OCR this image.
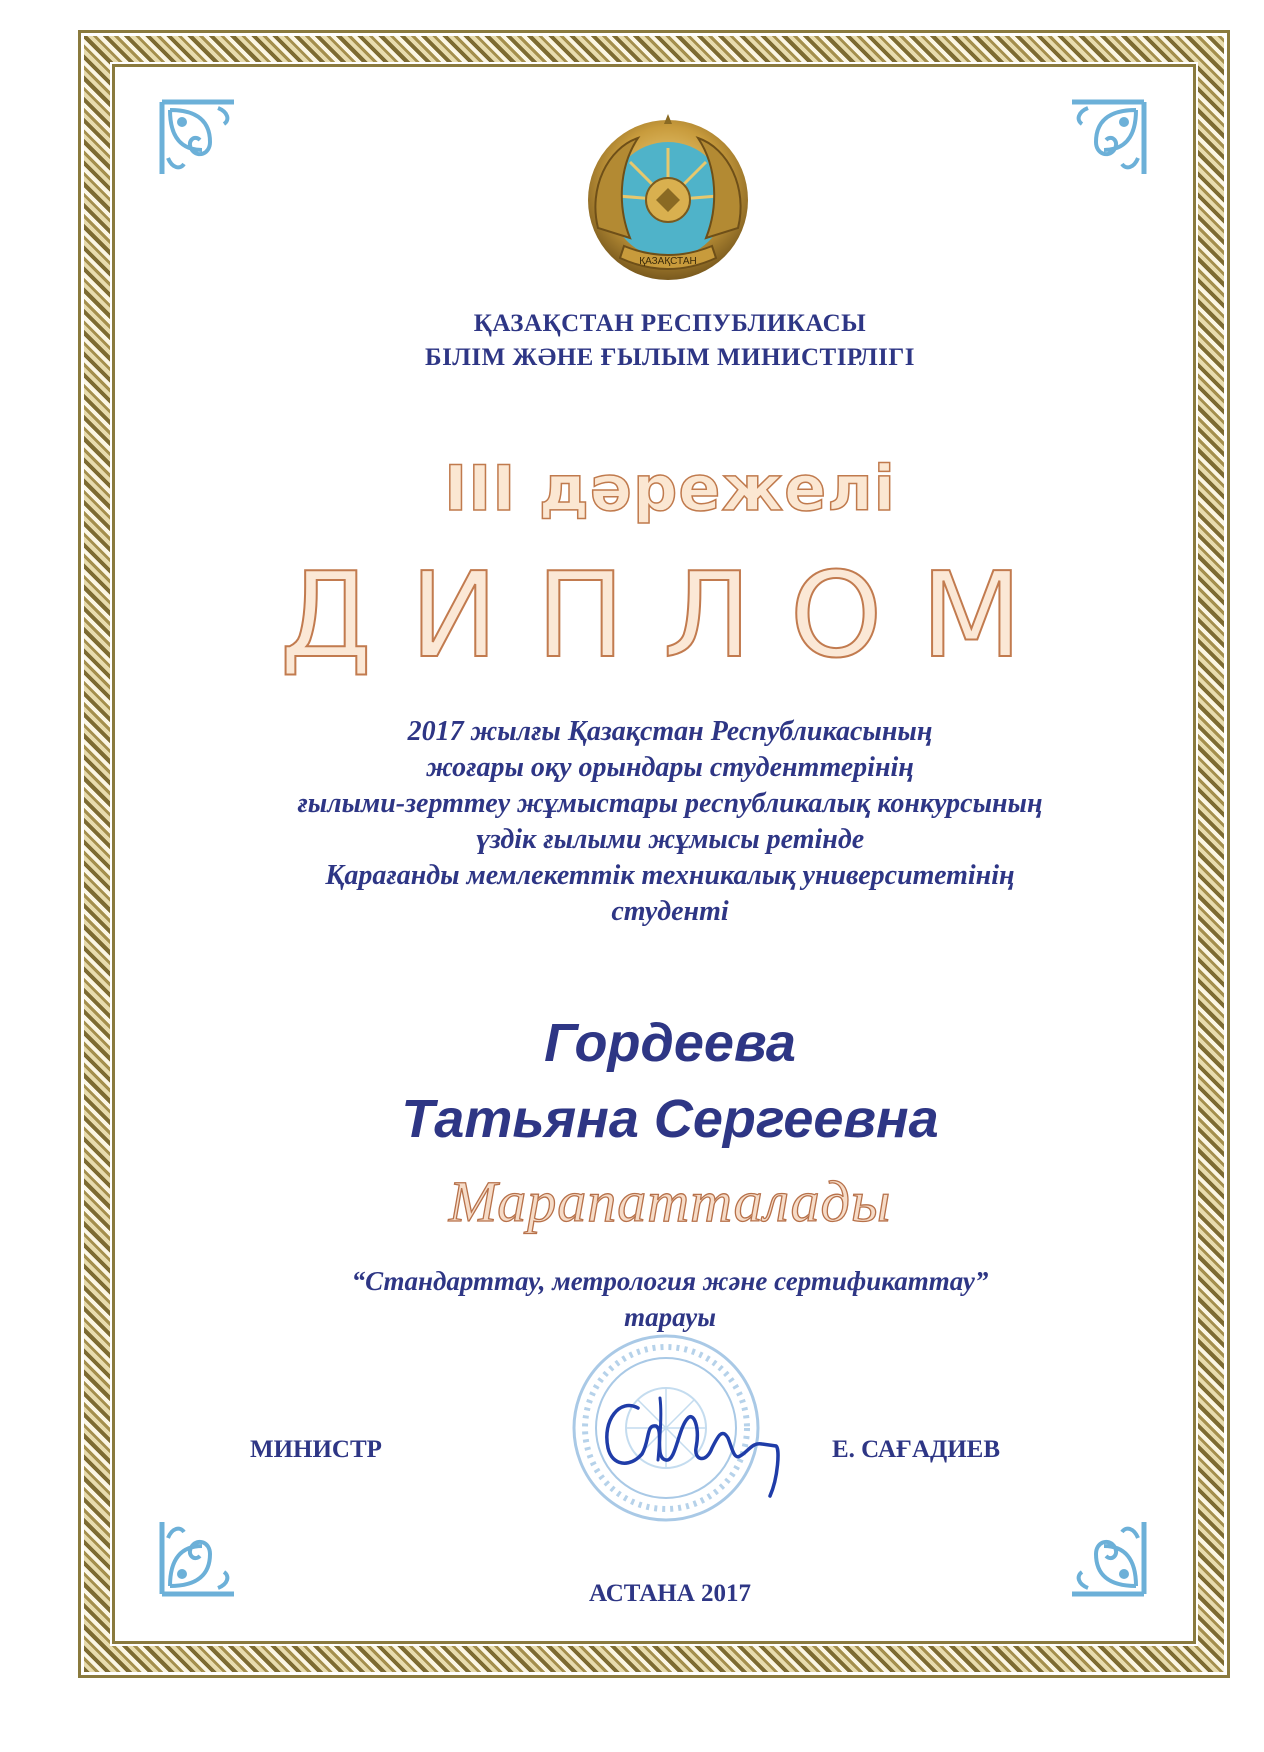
ҚАЗАҚСТАН
ҚАЗАҚСТАН РЕСПУБЛИКАСЫ
БІЛІМ ЖӘНЕ ҒЫЛЫМ МИНИСТІРЛІГІ
ІІІ дәрежелі
ДИПЛОМ
2017 жылғы Қазақстан Республикасының
жоғары оқу орындары студенттерінің
ғылыми-зерттеу жұмыстары республикалық конкурсының
үздік ғылыми жұмысы ретінде
Қарағанды мемлекеттік техникалық университетінің
студенті
Гордеева
Татьяна Сергеевна
Марапатталады
“Стандарттау, метрология және сертификаттау”
тарауы
МИНИСТР	Е. САҒАДИЕВ
АСТАНА 2017
